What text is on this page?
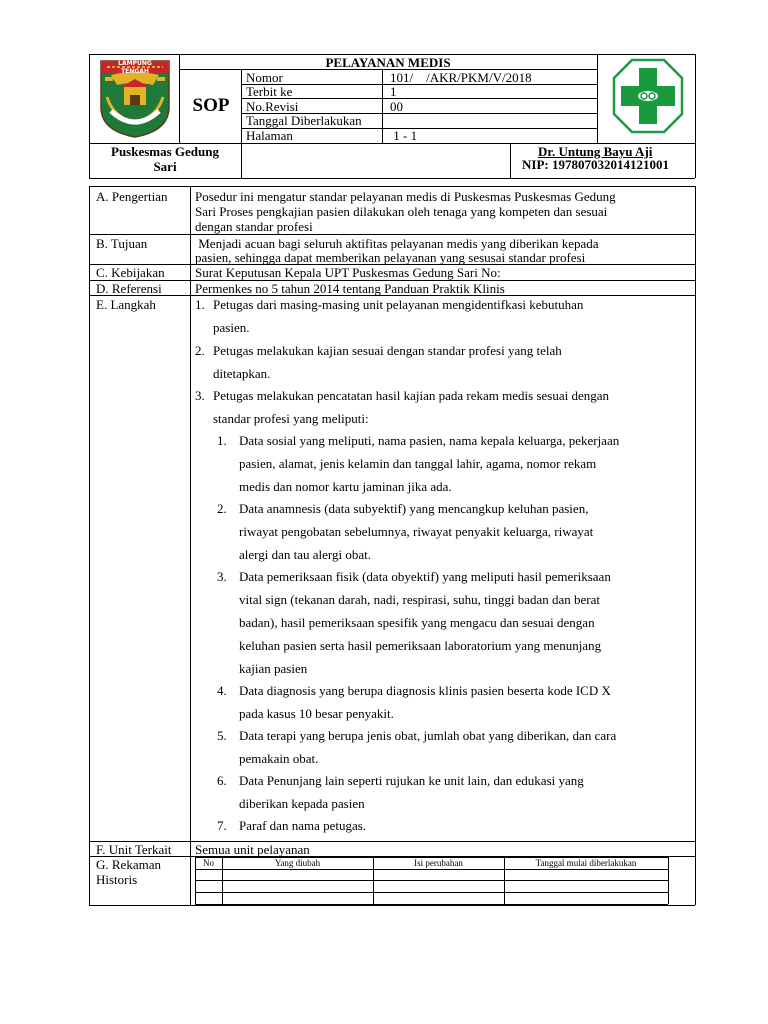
PELAYANAN MEDIS
SOP
Nomor	101/    /AKR/PKM/V/2018
Terbit ke	1
No.Revisi	00
Tanggal Diberlakukan
Halaman	1 - 1
Puskesmas Gedung
Sari
Dr. Untung Bayu Aji
NIP: 197807032014121001
LAMPUNG TENGAH
A. Pengertian Posedur ini mengatur standar pelayanan medis di Puskesmas Puskesmas Gedung
Sari Proses pengkajian pasien dilakukan oleh tenaga yang kompeten dan sesuai
dengan standar profesi
B. Tujuan	Menjadi acuan bagi seluruh aktifitas pelayanan medis yang diberikan kepada
pasien, sehingga dapat memberikan pelayanan yang sesusai standar profesi
C. Kebijakan Surat Keputusan Kepala UPT Puskesmas Gedung Sari No:
D. Referensi	Permenkes no 5 tahun 2014 tentang Panduan Praktik Klinis
E. Langkah	1. Petugas dari masing-masing unit pelayanan mengidentifkasi kebutuhan
pasien.
2. Petugas melakukan kajian sesuai dengan standar profesi yang telah
ditetapkan.
3. Petugas melakukan pencatatan hasil kajian pada rekam medis sesuai dengan
standar profesi yang meliputi:
1. Data sosial yang meliputi, nama pasien, nama kepala keluarga, pekerjaan
pasien, alamat, jenis kelamin dan tanggal lahir, agama, nomor rekam
medis dan nomor kartu jaminan jika ada.
2. Data anamnesis (data subyektif) yang mencangkup keluhan pasien,
riwayat pengobatan sebelumnya, riwayat penyakit keluarga, riwayat
alergi dan tau alergi obat.
3. Data pemeriksaan fisik (data obyektif) yang meliputi hasil pemeriksaan
vital sign (tekanan darah, nadi, respirasi, suhu, tinggi badan dan berat
badan), hasil pemeriksaan spesifik yang mengacu dan sesuai dengan
keluhan pasien serta hasil pemeriksaan laboratorium yang menunjang
kajian pasien
4. Data diagnosis yang berupa diagnosis klinis pasien beserta kode ICD X
pada kasus 10 besar penyakit.
5. Data terapi yang berupa jenis obat, jumlah obat yang diberikan, dan cara
pemakain obat.
6. Data Penunjang lain seperti rujukan ke unit lain, dan edukasi yang
diberikan kepada pasien
7. Paraf dan nama petugas.
F. Unit Terkait Semua unit pelayanan
G. Rekaman
Historis
No	Yang diubah	Isi perubahan	Tanggal mulai diberlakukan
